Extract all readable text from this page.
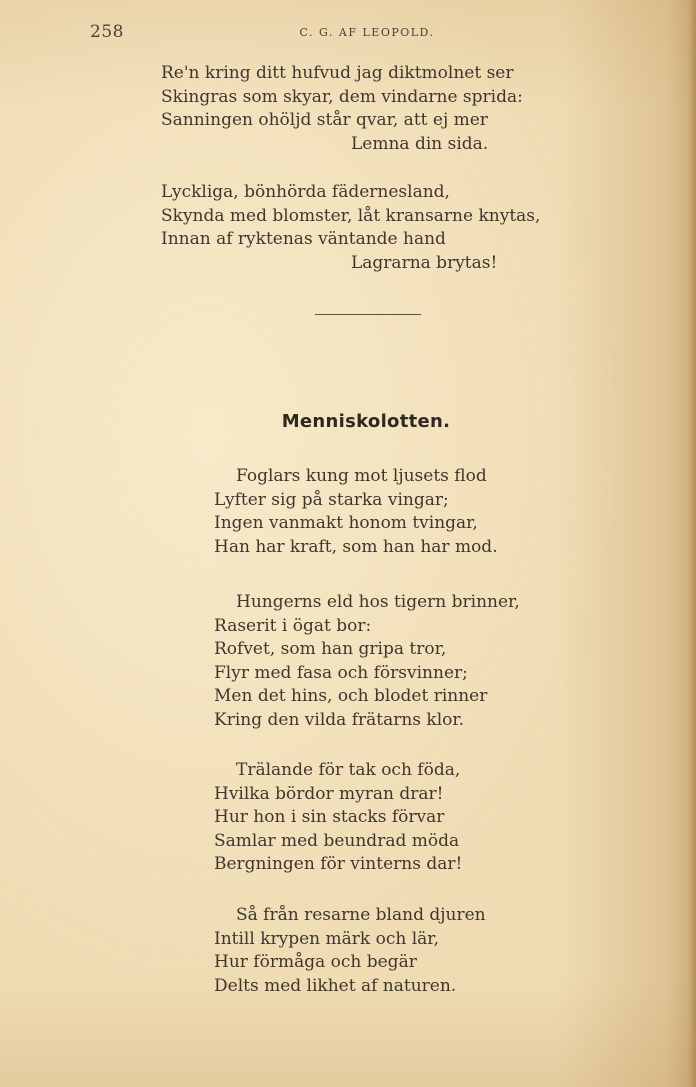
258	C. G. AF LEOPOLD.
Re'n kring ditt hufvud jag diktmolnet ser
Skingras som skyar, dem vindarne sprida:
Sanningen ohöljd står qvar, att ej mer
Lemna din sida.
Lyckliga, bönhörda fädernesland,
Skynda med blomster, låt kransarne knytas,
Innan af ryktenas väntande hand
Lagrarna brytas!
Menniskolotten.
Foglars kung mot ljusets flod
Lyfter sig på starka vingar;
Ingen vanmakt honom tvingar,
Han har kraft, som han har mod.
Hungerns eld hos tigern brinner,
Raserit i ögat bor:
Rofvet, som han gripa tror,
Flyr med fasa och försvinner;
Men det hins, och blodet rinner
Kring den vilda frätarns klor.
Trälande för tak och föda,
Hvilka bördor myran drar!
Hur hon i sin stacks förvar
Samlar med beundrad möda
Bergningen för vinterns dar!
Så från resarne bland djuren
Intill krypen märk och lär,
Hur förmåga och begär
Delts med likhet af naturen.
